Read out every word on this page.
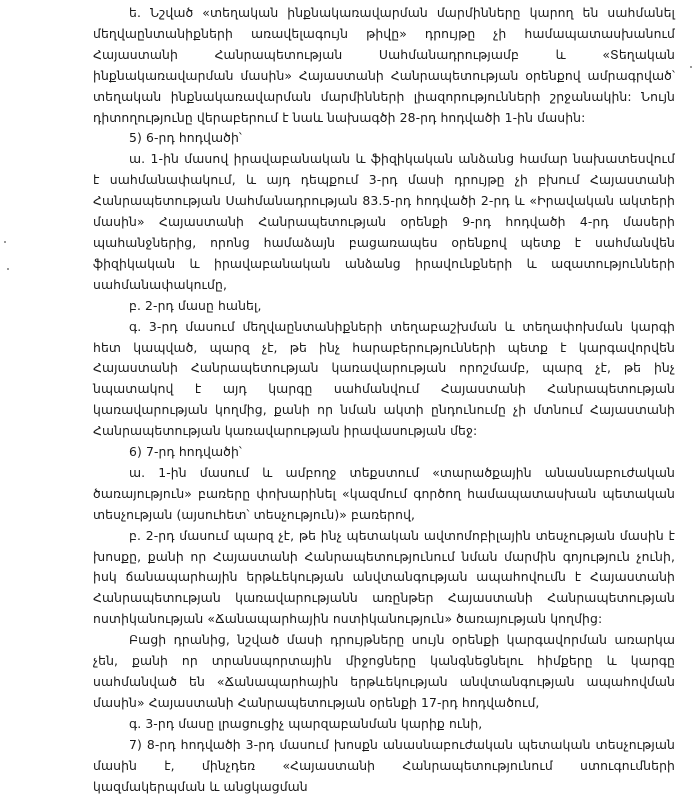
ե. Նշված «տեղական ինքնակառավարման մարմինները կարող են սահմանել մեղվաընտանիքների առավելագույն թիվը» դրույթը չի համապատասխանում Հայաստանի Հանրապետության Սահմանադրությամբ և «Տեղական ինքնակառավարման մասին» Հայաստանի Հանրապետության օրենքով ամրագրված՝ տեղական ինքնակառավարման մարմինների լիազորությունների շրջանակին: Նույն դիտողությունը վերաբերում է նաև նախագծի 28-րդ հոդվածի 1-ին մասին:

5) 6-րդ հոդվածի՝

ա. 1-ին մասով իրավաբանական և ֆիզիկական անձանց համար նախատեսվում է սահմանափակում, և այդ դեպքում 3-րդ մասի դրույթը չի բխում Հայաստանի Հանրապետության Սահմանադրության 83.5-րդ հոդվածի 2-րդ և «Իրավական ակտերի մասին» Հայաստանի Հանրապետության օրենքի 9-րդ հոդվածի 4-րդ մասերի պահանջներից, որոնց համաձայն բացառապես օրենքով պետք է սահմանվեն ֆիզիկական և իրավաբանական անձանց իրավունքների և ազատությունների սահմանափակումը,

բ. 2-րդ մասը հանել,

գ. 3-րդ մասում մեղվաընտանիքների տեղաբաշխման և տեղափոխման կարգի հետ կապված, պարզ չէ, թե ինչ հարաբերությունների պետք է կարգավորվեն Հայաստանի Հանրապետության կառավարության որոշմամբ, պարզ չէ, թե ինչ նպատակով է այդ կարգը սահմանվում Հայաստանի Հանրապետության կառավարության կողմից, քանի որ նման ակտի ընդունումը չի մտնում Հայաստանի Հանրապետության կառավարության իրավասության մեջ:

6) 7-րդ հոդվածի՝

ա. 1-ին մասում և ամբողջ տեքստում «տարածքային անասնաբուժական ծառայություն» բառերը փոխարինել «կազմում գործող համապատասխան պետական տեսչության (այսուհետ՝ տեսչություն)» բառերով,

բ. 2-րդ մասում պարզ չէ, թե ինչ պետական ավտոմոբիլային տեսչության մասին է խոսքը, քանի որ Հայաստանի Հանրապետությունում նման մարմին գոյություն չունի, իսկ ճանապարհային երթևեկության անվտանգության ապահովումն է Հայաստանի Հանրապետության կառավարությանն առընթեր Հայաստանի Հանրապետության ոստիկանության «Ճանապարհային ոստիկանություն» ծառայության կողմից:

Բացի դրանից, նշված մասի դրույթները սույն օրենքի կարգավորման առարկա չեն, քանի որ տրանսպորտային միջոցները կանգնեցնելու հիմքերը և կարգը սահմանված են «Ճանապարհային երթևեկության անվտանգության ապահովման մասին» Հայաստանի Հանրապետության օրենքի 17-րդ հոդվածում,

գ. 3-րդ մասը լրացուցիչ պարզաբանման կարիք ունի,

7) 8-րդ հոդվածի 3-րդ մասում խոսքն անասնաբուժական պետական տեսչության մասին է, մինչդեռ «Հայաստանի Հանրապետությունում ստուգումների կազմակերպման և անցկացման
